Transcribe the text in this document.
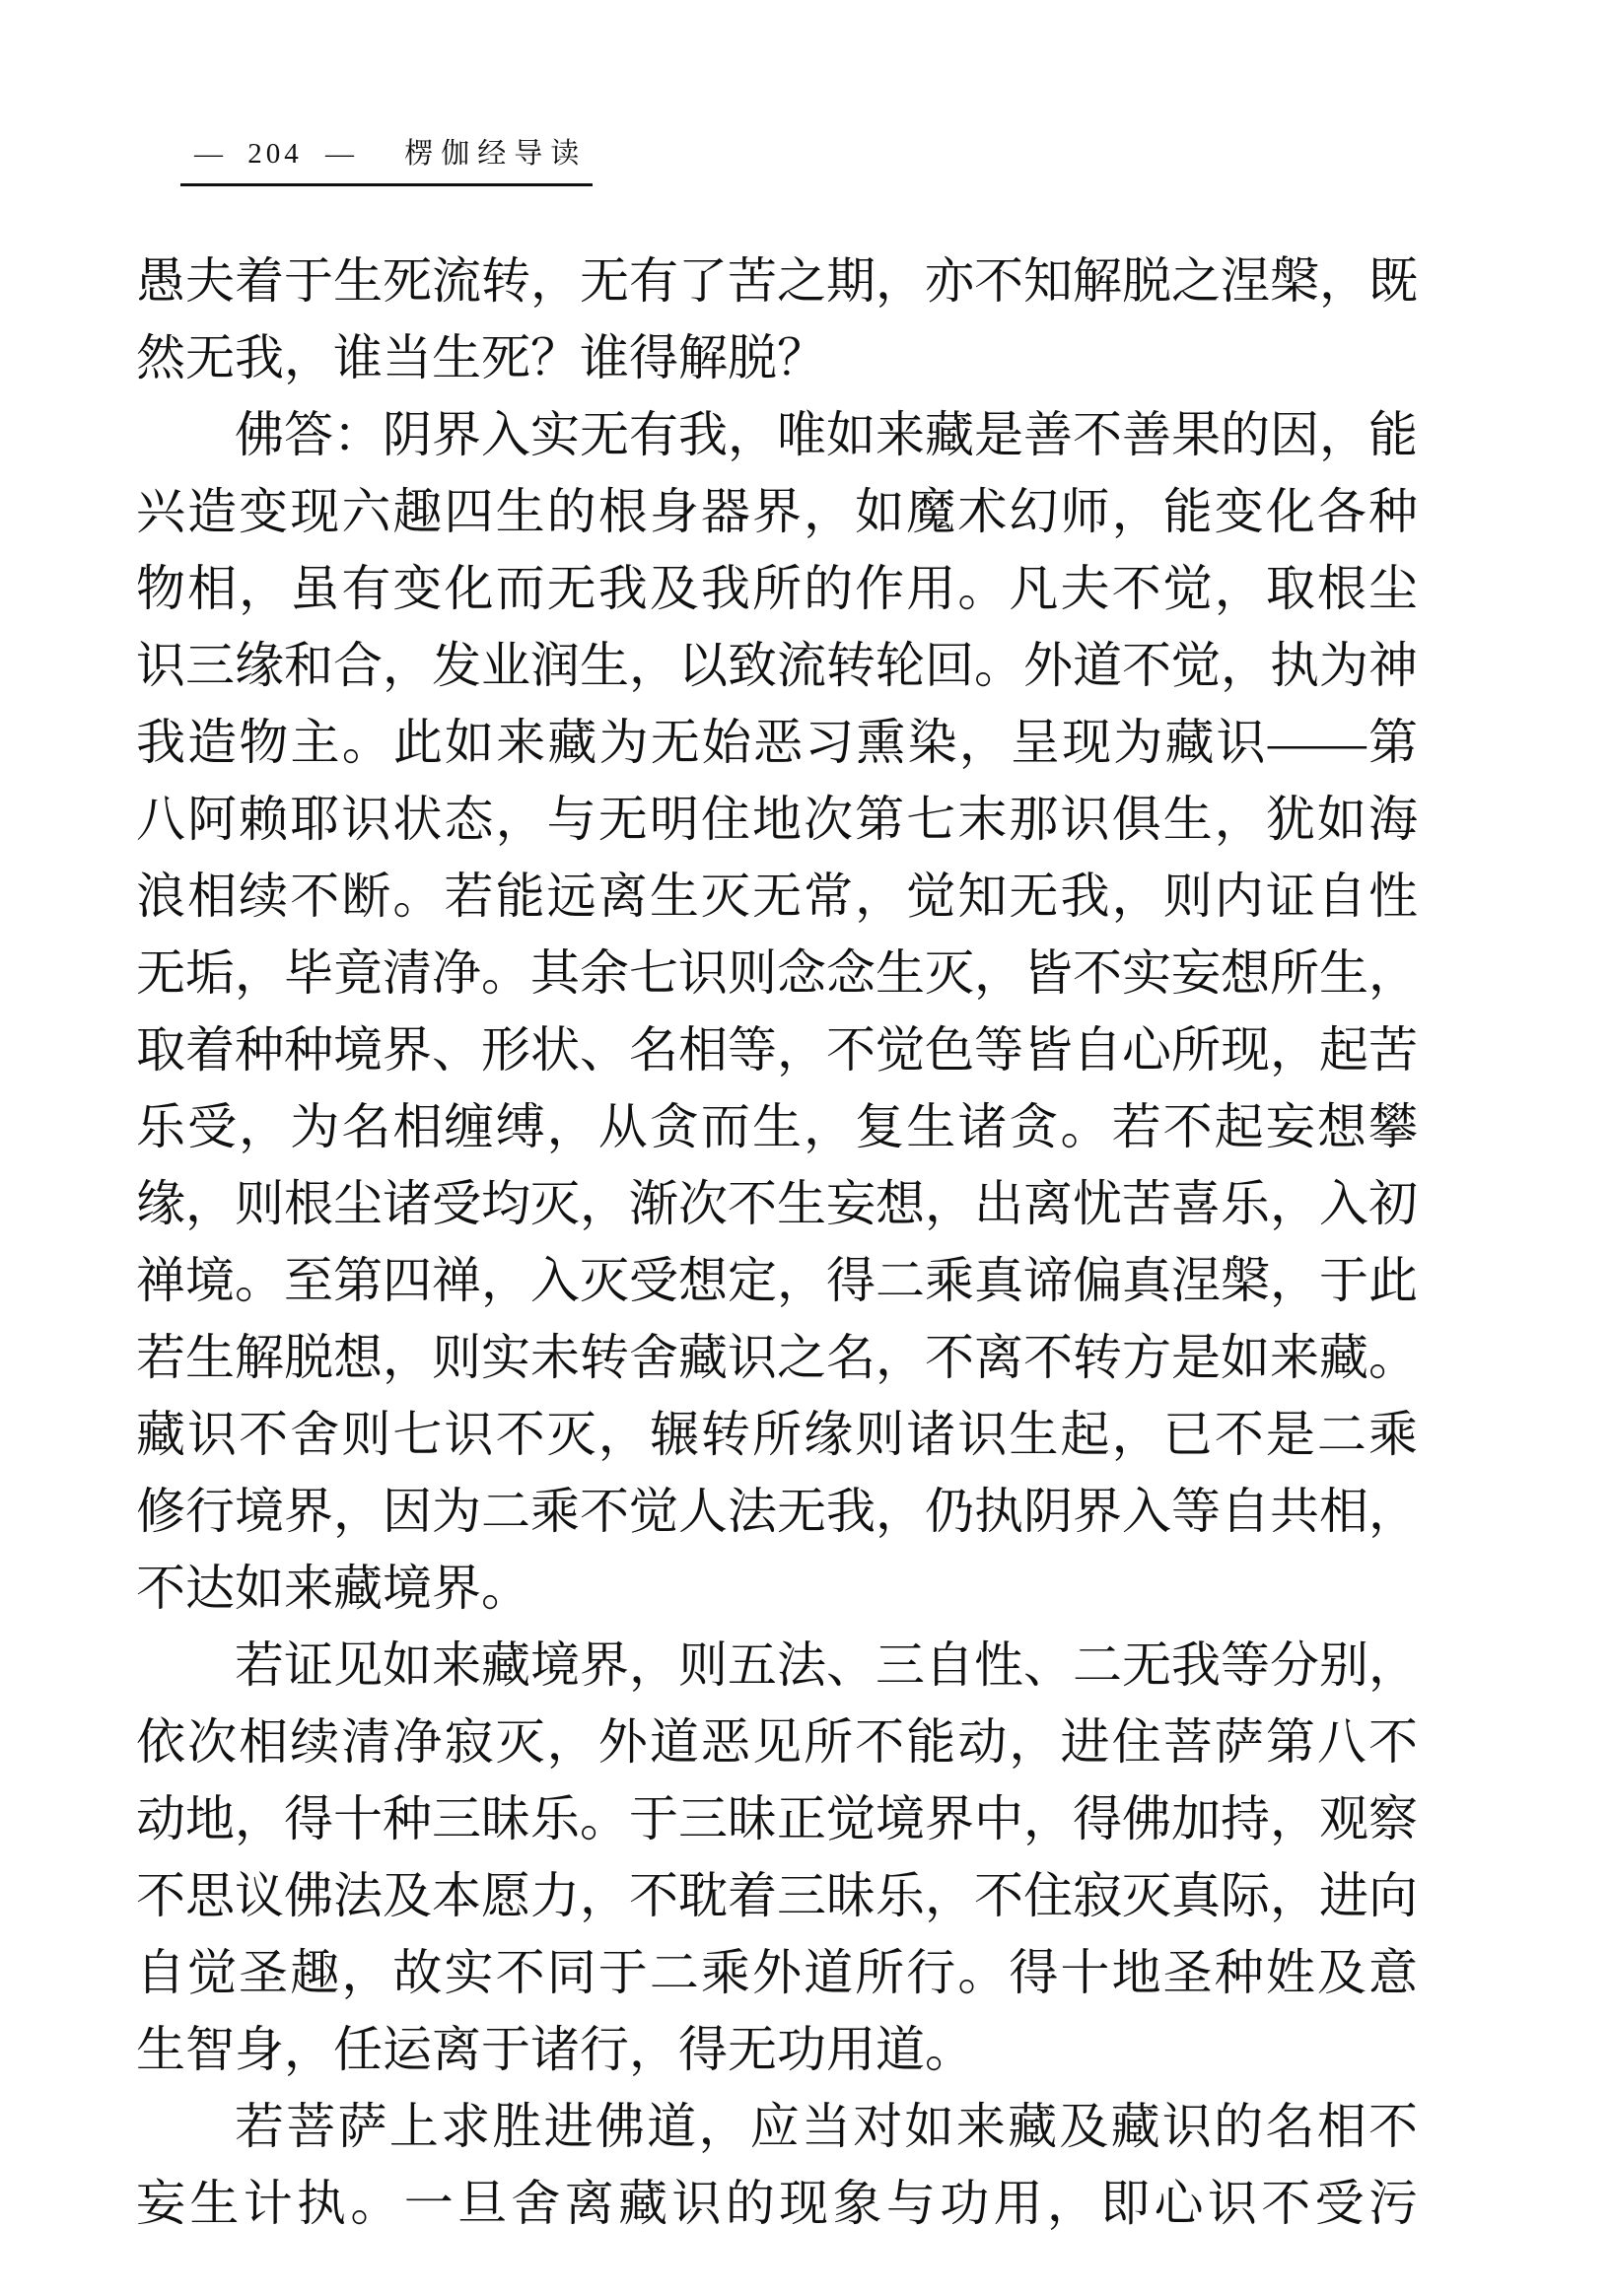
— 204 — 楞伽经导读
愚夫着于生死流转，无有了苦之期，亦不知解脱之涅槃，既
然无我，谁当生死？谁得解脱？
佛答：阴界入实无有我，唯如来藏是善不善果的因，能
兴造变现六趣四生的根身器界，如魔术幻师，能变化各种
物相，虽有变化而无我及我所的作用。凡夫不觉，取根尘
识三缘和合，发业润生，以致流转轮回。外道不觉，执为神
我造物主。此如来藏为无始恶习熏染，呈现为藏识——第
八阿赖耶识状态，与无明住地次第七末那识俱生，犹如海
浪相续不断。若能远离生灭无常，觉知无我，则内证自性
无垢，毕竟清净。其余七识则念念生灭，皆不实妄想所生，
取着种种境界、形状、名相等，不觉色等皆自心所现，起苦
乐受，为名相缠缚，从贪而生，复生诸贪。若不起妄想攀
缘，则根尘诸受均灭，渐次不生妄想，出离忧苦喜乐，入初
禅境。至第四禅，入灭受想定，得二乘真谛偏真涅槃，于此
若生解脱想，则实未转舍藏识之名，不离不转方是如来藏。
藏识不舍则七识不灭，辗转所缘则诸识生起，已不是二乘
修行境界，因为二乘不觉人法无我，仍执阴界入等自共相，
不达如来藏境界。
若证见如来藏境界，则五法、三自性、二无我等分别，
依次相续清净寂灭，外道恶见所不能动，进住菩萨第八不
动地，得十种三昧乐。于三昧正觉境界中，得佛加持，观察
不思议佛法及本愿力，不耽着三昧乐，不住寂灭真际，进向
自觉圣趣，故实不同于二乘外道所行。得十地圣种姓及意
生智身，任运离于诸行，得无功用道。
若菩萨上求胜进佛道，应当对如来藏及藏识的名相不
妄生计执。一旦舍离藏识的现象与功用，即心识不受污
